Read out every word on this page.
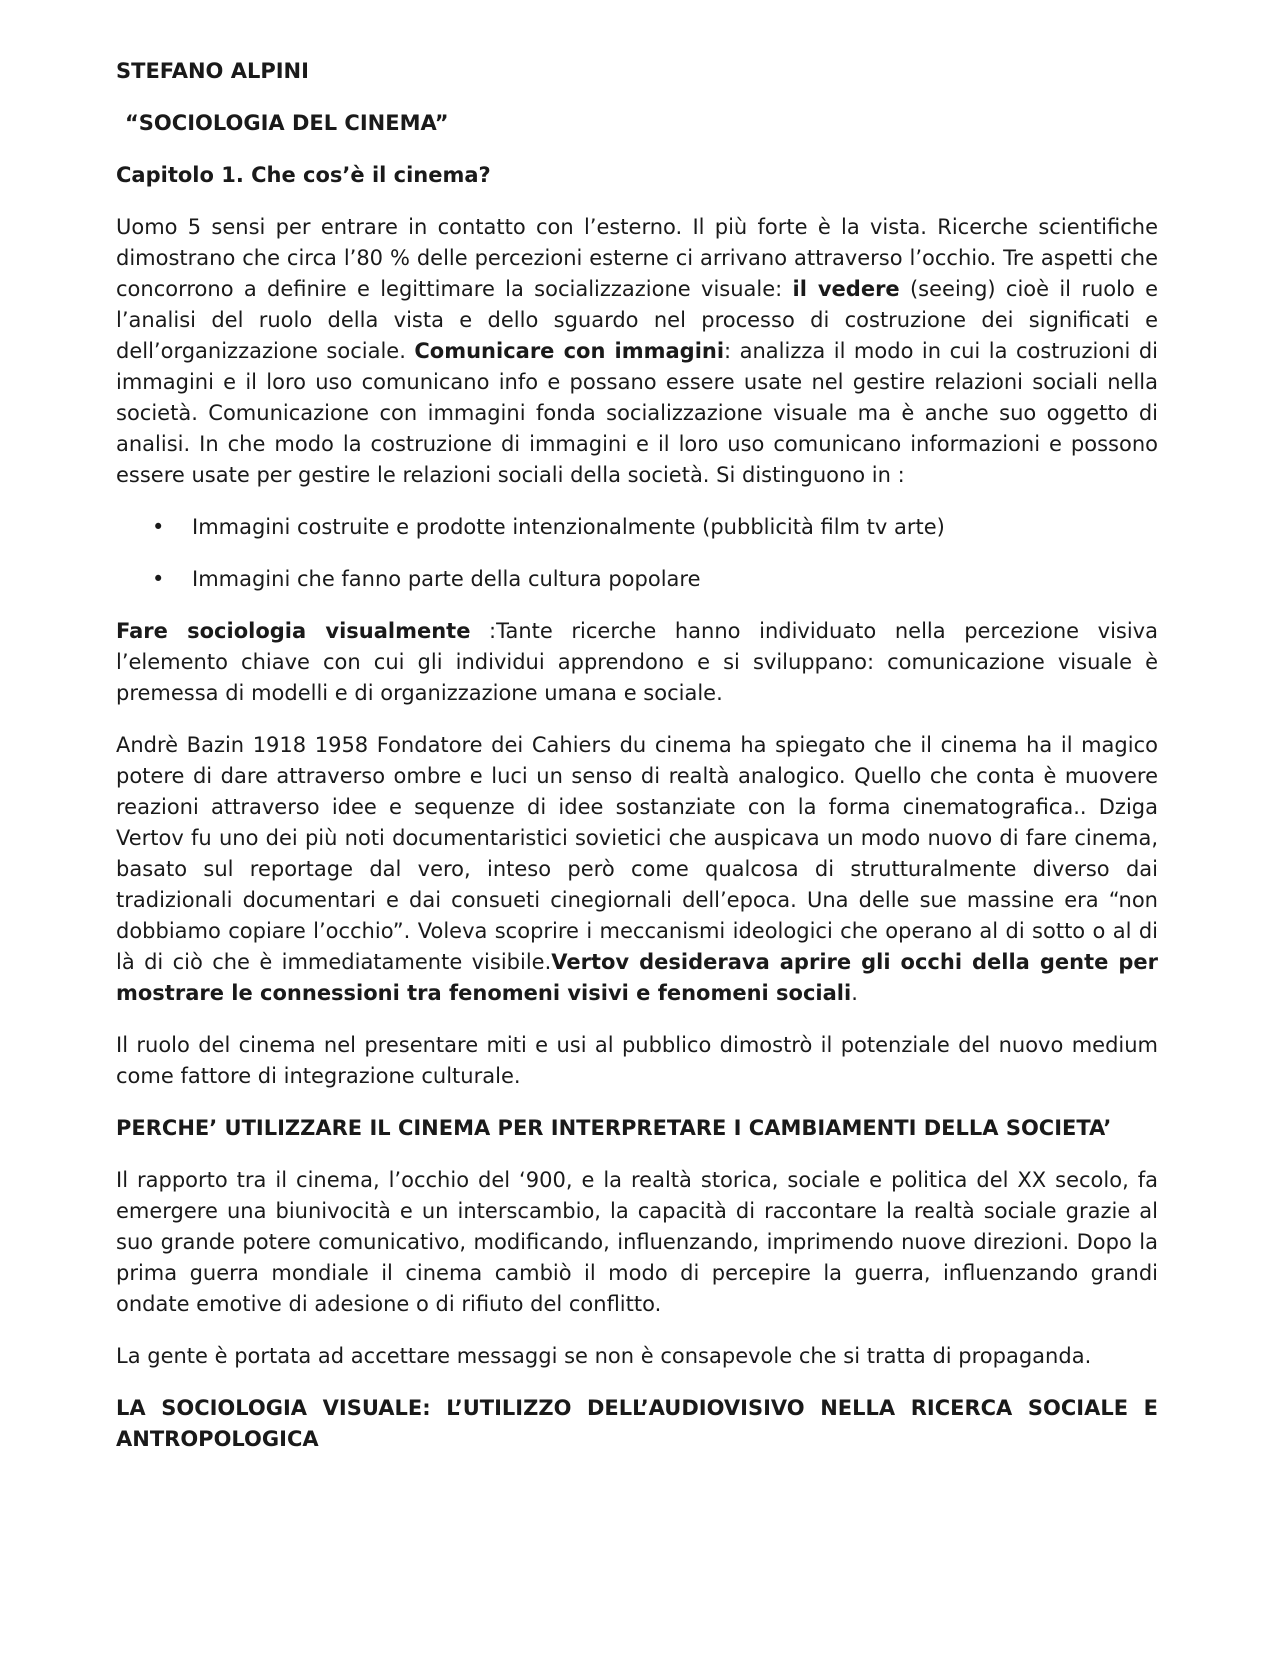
STEFANO ALPINI
“SOCIOLOGIA DEL CINEMA”
Capitolo 1. Che cos’è il cinema?

Uomo 5 sensi per entrare in contatto con l’esterno. Il più forte è la vista. Ricerche scientifiche dimostrano che circa l’80 % delle percezioni esterne ci arrivano attraverso l’occhio. Tre aspetti che concorrono a definire e legittimare la socializzazione visuale: il vedere (seeing) cioè il ruolo e l’analisi del ruolo della vista e dello sguardo nel processo di costruzione dei significati e dell’organizzazione sociale. Comunicare con immagini: analizza il modo in cui la costruzioni di immagini e il loro uso comunicano info e possano essere usate nel gestire relazioni sociali nella società. Comunicazione con immagini fonda socializzazione visuale ma è anche suo oggetto di analisi. In che modo la costruzione di immagini e il loro uso comunicano informazioni e possono essere usate per gestire le relazioni sociali della società. Si distinguono in :

• Immagini costruite e prodotte intenzionalmente (pubblicità film tv arte)
• Immagini che fanno parte della cultura popolare

Fare sociologia visualmente :Tante ricerche hanno individuato nella percezione visiva l’elemento chiave con cui gli individui apprendono e si sviluppano: comunicazione visuale è premessa di modelli e di organizzazione umana e sociale.

Andrè Bazin 1918 1958 Fondatore dei Cahiers du cinema ha spiegato che il cinema ha il magico potere di dare attraverso ombre e luci un senso di realtà analogico. Quello che conta è muovere reazioni attraverso idee e sequenze di idee sostanziate con la forma cinematografica.. Dziga Vertov fu uno dei più noti documentaristici sovietici che auspicava un modo nuovo di fare cinema, basato sul reportage dal vero, inteso però come qualcosa di strutturalmente diverso dai tradizionali documentari e dai consueti cinegiornali dell’epoca. Una delle sue massine era “non dobbiamo copiare l’occhio”. Voleva scoprire i meccanismi ideologici che operano al di sotto o al di là di ciò che è immediatamente visibile.Vertov desiderava aprire gli occhi della gente per mostrare le connessioni tra fenomeni visivi e fenomeni sociali.

Il ruolo del cinema nel presentare miti e usi al pubblico dimostrò il potenziale del nuovo medium come fattore di integrazione culturale.

PERCHE’ UTILIZZARE IL CINEMA PER INTERPRETARE I CAMBIAMENTI DELLA SOCIETA’

Il rapporto tra il cinema, l’occhio del ‘900, e la realtà storica, sociale e politica del XX secolo, fa emergere una biunivocità e un interscambio, la capacità di raccontare la realtà sociale grazie al suo grande potere comunicativo, modificando, influenzando, imprimendo nuove direzioni. Dopo la prima guerra mondiale il cinema cambiò il modo di percepire la guerra, influenzando grandi ondate emotive di adesione o di rifiuto del conflitto.

La gente è portata ad accettare messaggi se non è consapevole che si tratta di propaganda.

LA SOCIOLOGIA VISUALE: L’UTILIZZO DELL’AUDIOVISIVO NELLA RICERCA SOCIALE E ANTROPOLOGICA
